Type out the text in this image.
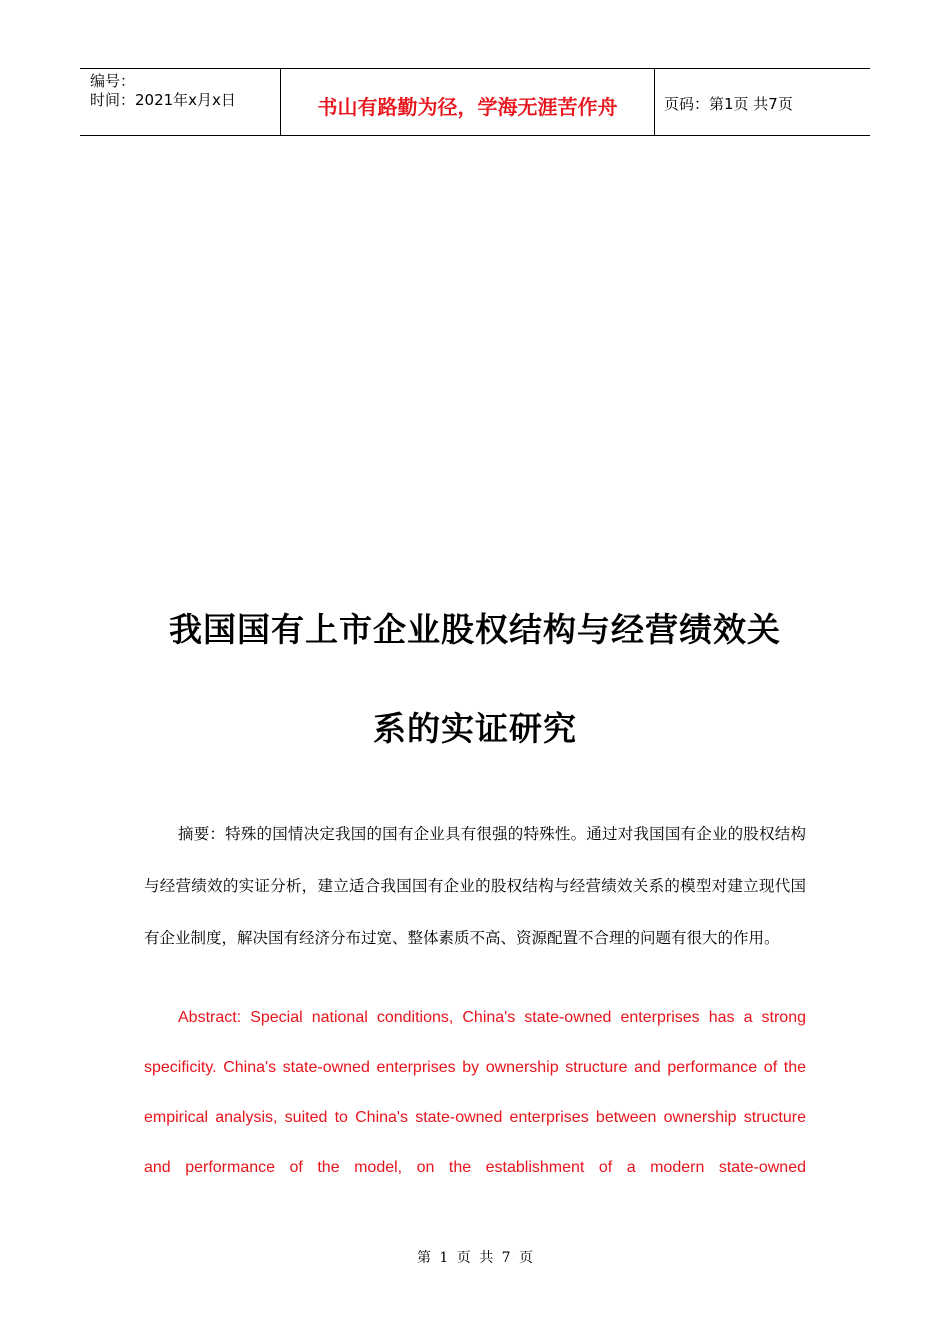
编号：
时间：2021年x月x日	书山有路勤为径，学海无涯苦作舟	页码：第1页 共7页
我国国有上市企业股权结构与经营绩效关
系的实证研究
摘要：特殊的国情决定我国的国有企业具有很强的特殊性。通过对我国国有企业的股权结构与经营绩效的实证分析，建立适合我国国有企业的股权结构与经营绩效关系的模型对建立现代国有企业制度，解决国有经济分布过宽、整体素质不高、资源配置不合理的问题有很大的作用。
Abstract: Special national conditions, China's state-owned enterprises has a strong specificity. China's state-owned enterprises by ownership structure and performance of the empirical analysis, suited to China's state-owned enterprises between ownership structure and performance of the model, on the establishment of a modern state-owned
第 1 页 共 7 页
